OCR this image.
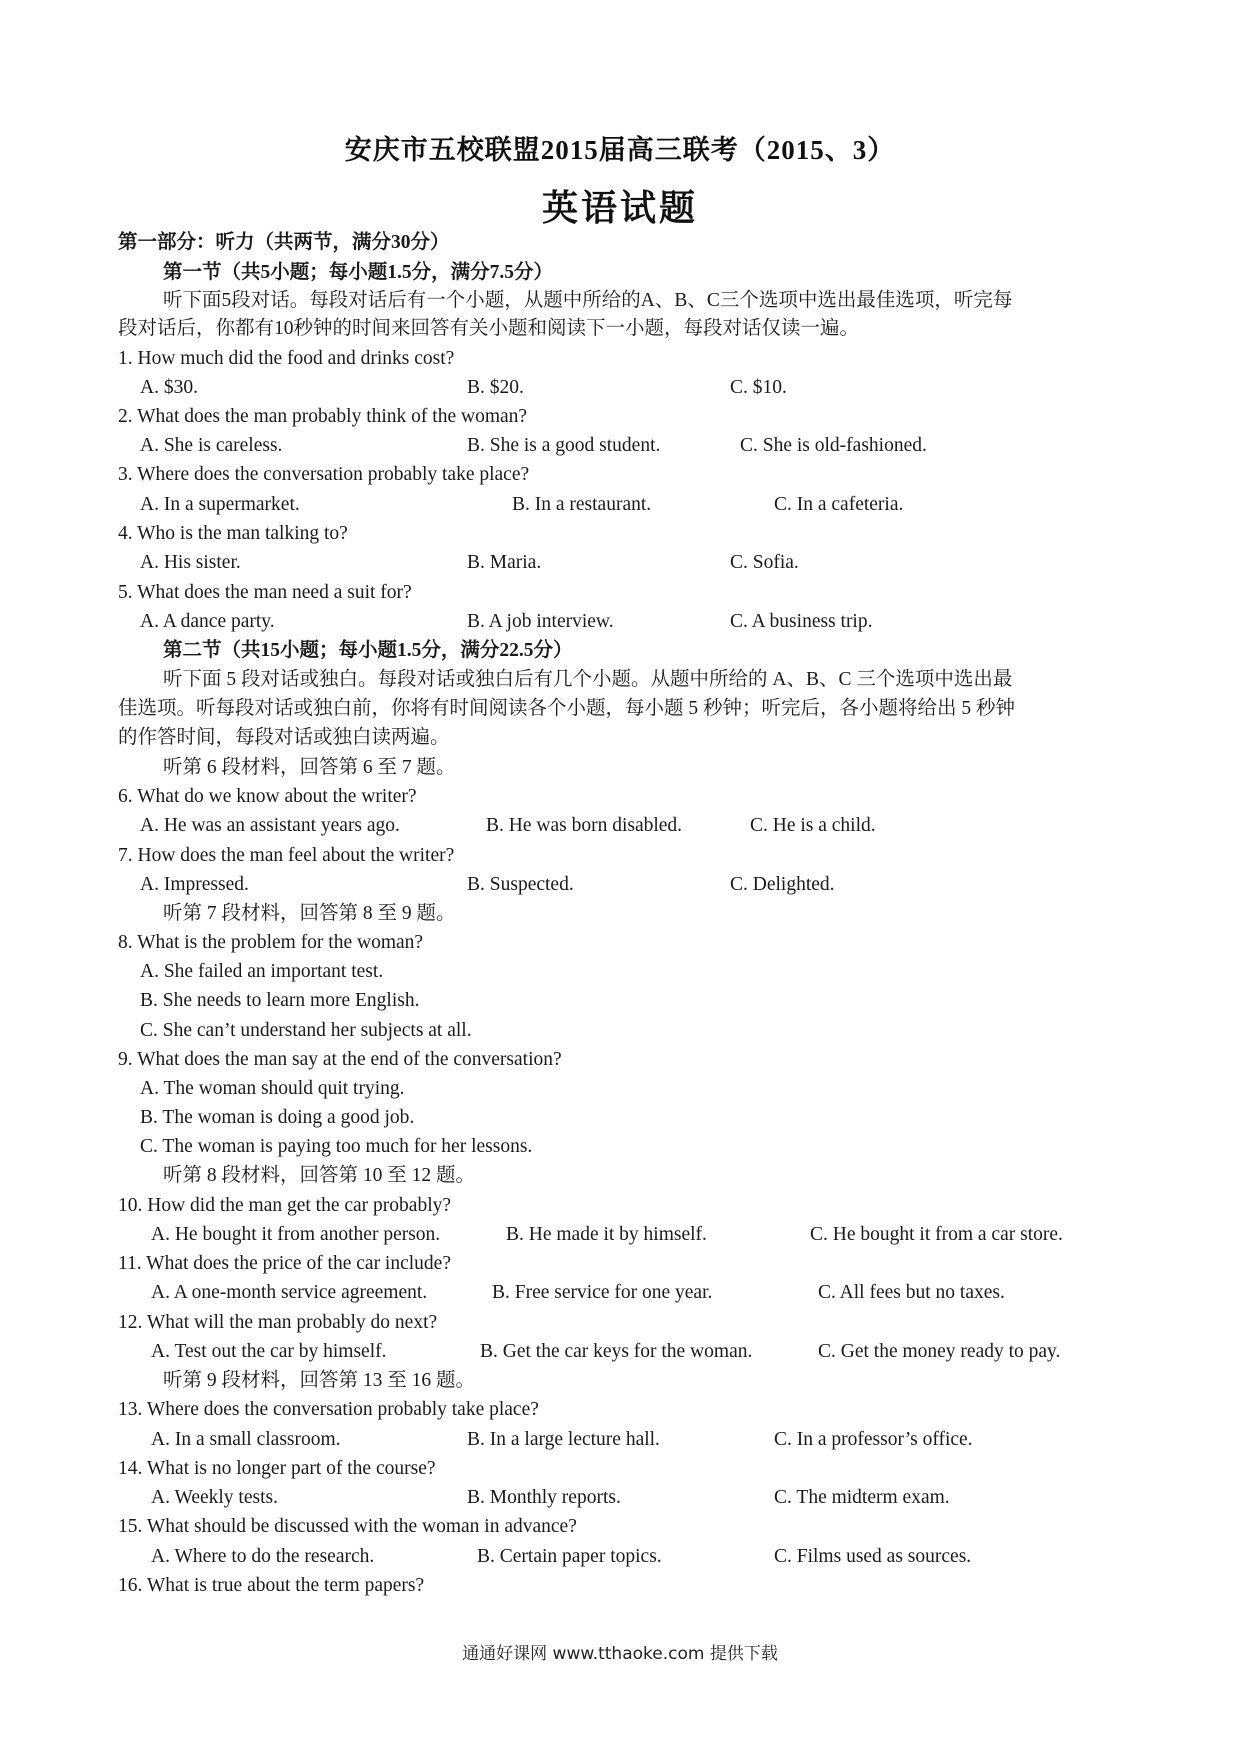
安庆市五校联盟2015届高三联考（2015、3）
英语试题
第一部分：听力（共两节，满分30分）
第一节（共5小题；每小题1.5分，满分7.5分）
听下面5段对话。每段对话后有一个小题，从题中所给的A、B、C三个选项中选出最佳选项，听完每
段对话后，你都有10秒钟的时间来回答有关小题和阅读下一小题，每段对话仅读一遍。
1. How much did the food and drinks cost?
A. $30.	B. $20.	C. $10.
2. What does the man probably think of the woman?
A. She is careless.	B. She is a good student.	C. She is old-fashioned.
3. Where does the conversation probably take place?
A. In a supermarket.	B. In a restaurant.	C. In a cafeteria.
4. Who is the man talking to?
A. His sister.	B. Maria.	C. Sofia.
5. What does the man need a suit for?
A. A dance party.	B. A job interview.	C. A business trip.
第二节（共15小题；每小题1.5分，满分22.5分）
听下面 5 段对话或独白。每段对话或独白后有几个小题。从题中所给的 A、B、C 三个选项中选出最
佳选项。听每段对话或独白前，你将有时间阅读各个小题，每小题 5 秒钟；听完后，各小题将给出 5 秒钟
的作答时间，每段对话或独白读两遍。
听第 6 段材料，回答第 6 至 7 题。
6. What do we know about the writer?
A. He was an assistant years ago.	B. He was born disabled.	C. He is a child.
7. How does the man feel about the writer?
A. Impressed.	B. Suspected.	C. Delighted.
听第 7 段材料，回答第 8 至 9 题。
8. What is the problem for the woman?
A. She failed an important test.
B. She needs to learn more English.
C. She can’t understand her subjects at all.
9. What does the man say at the end of the conversation?
A. The woman should quit trying.
B. The woman is doing a good job.
C. The woman is paying too much for her lessons.
听第 8 段材料，回答第 10 至 12 题。
10. How did the man get the car probably?
A. He bought it from another person.	B. He made it by himself.	C. He bought it from a car store.
11. What does the price of the car include?
A. A one-month service agreement.	B. Free service for one year.	C. All fees but no taxes.
12. What will the man probably do next?
A. Test out the car by himself.	B. Get the car keys for the woman.	C. Get the money ready to pay.
听第 9 段材料，回答第 13 至 16 题。
13. Where does the conversation probably take place?
A. In a small classroom.	B. In a large lecture hall.	C. In a professor’s office.
14. What is no longer part of the course?
A. Weekly tests.	B. Monthly reports.	C. The midterm exam.
15. What should be discussed with the woman in advance?
A. Where to do the research.	B. Certain paper topics.	C. Films used as sources.
16. What is true about the term papers?
通通好课网 www.tthaoke.com 提供下载
